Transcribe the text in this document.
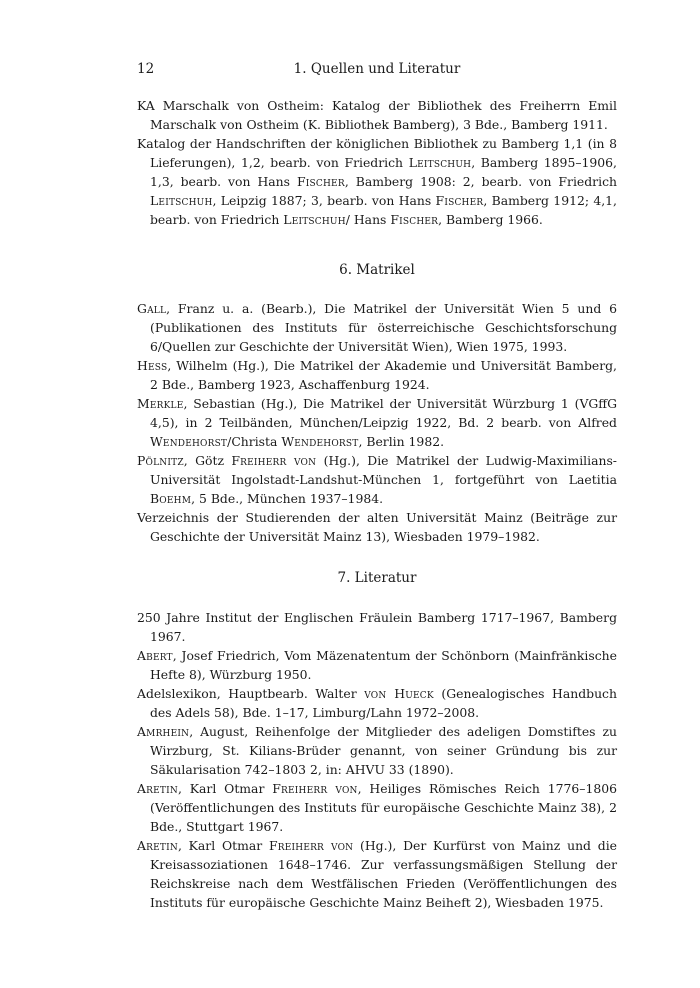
12	1. Quellen und Literatur
KA Marschalk von Ostheim: Katalog der Bibliothek des Freiherrn Emil Marschalk von Ostheim (K. Bibliothek Bamberg), 3 Bde., Bamberg 1911.
Katalog der Handschriften der königlichen Bibliothek zu Bamberg 1,1 (in 8 Lieferungen), 1,2, bearb. von Friedrich Leitschuh, Bamberg 1895–1906, 1,3, bearb. von Hans Fischer, Bamberg 1908: 2, bearb. von Friedrich Leitschuh, Leipzig 1887; 3, bearb. von Hans Fischer, Bamberg 1912; 4,1, bearb. von Friedrich Leitschuh/ Hans Fischer, Bamberg 1966.
6. Matrikel
Gall, Franz u. a. (Bearb.), Die Matrikel der Universität Wien 5 und 6 (Publikationen des Instituts für österreichische Geschichtsforschung 6/Quellen zur Geschichte der Universität Wien), Wien 1975, 1993.
Hess, Wilhelm (Hg.), Die Matrikel der Akademie und Universität Bamberg, 2 Bde., Bamberg 1923, Aschaffenburg 1924.
Merkle, Sebastian (Hg.), Die Matrikel der Universität Würzburg 1 (VGffG 4,5), in 2 Teilbänden, München/Leipzig 1922, Bd. 2 bearb. von Alfred Wendehorst/Christa Wendehorst, Berlin 1982.
Pölnitz, Götz Freiherr von (Hg.), Die Matrikel der Ludwig-Maximilians-Universität Ingolstadt-Landshut-München 1, fortgeführt von Laetitia Boehm, 5 Bde., München 1937–1984.
Verzeichnis der Studierenden der alten Universität Mainz (Beiträge zur Geschichte der Universität Mainz 13), Wiesbaden 1979–1982.
7. Literatur
250 Jahre Institut der Englischen Fräulein Bamberg 1717–1967, Bamberg 1967.
Abert, Josef Friedrich, Vom Mäzenatentum der Schönborn (Mainfränkische Hefte 8), Würzburg 1950.
Adelslexikon, Hauptbearb. Walter von Hueck (Genealogisches Handbuch des Adels 58), Bde. 1–17, Limburg/Lahn 1972–2008.
Amrhein, August, Reihenfolge der Mitglieder des adeligen Domstiftes zu Wirzburg, St. Kilians-Brüder genannt, von seiner Gründung bis zur Säkularisation 742–1803 2, in: AHVU 33 (1890).
Aretin, Karl Otmar Freiherr von, Heiliges Römisches Reich 1776–1806 (Veröffentlichungen des Instituts für europäische Geschichte Mainz 38), 2 Bde., Stuttgart 1967.
Aretin, Karl Otmar Freiherr von (Hg.), Der Kurfürst von Mainz und die Kreisassoziationen 1648–1746. Zur verfassungsmäßigen Stellung der Reichskreise nach dem Westfälischen Frieden (Veröffentlichungen des Instituts für europäische Geschichte Mainz Beiheft 2), Wiesbaden 1975.
